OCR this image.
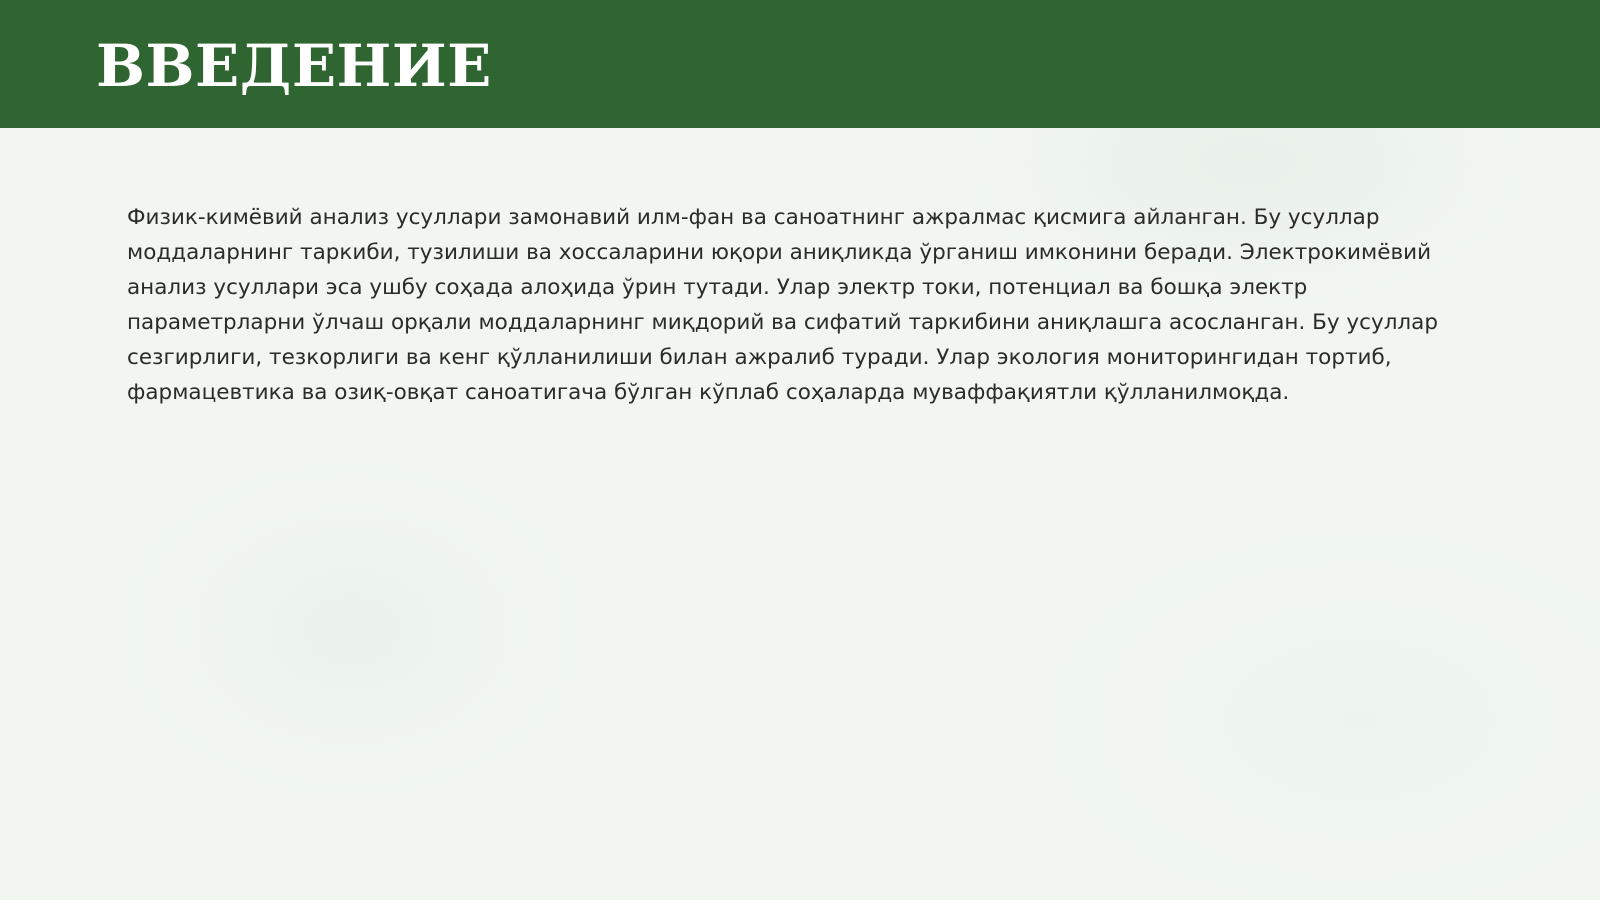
ВВЕДЕНИЕ

Физик-кимёвий анализ усуллари замонавий илм-фан ва саноатнинг ажралмас қисмига айланган. Бу усуллар моддаларнинг таркиби, тузилиши ва хоссаларини юқори аниқликда ўрганиш имконини беради. Электрокимёвий анализ усуллари эса ушбу соҳада алоҳида ўрин тутади. Улар электр токи, потенциал ва бошқа электр параметрларни ўлчаш орқали моддаларнинг миқдорий ва сифатий таркибини аниқлашга асосланган. Бу усуллар сезгирлиги, тезкорлиги ва кенг қўлланилиши билан ажралиб туради. Улар экология мониторингидан тортиб, фармацевтика ва озиқ-овқат саноатигача бўлган кўплаб соҳаларда муваффақиятли қўлланилмоқда.
